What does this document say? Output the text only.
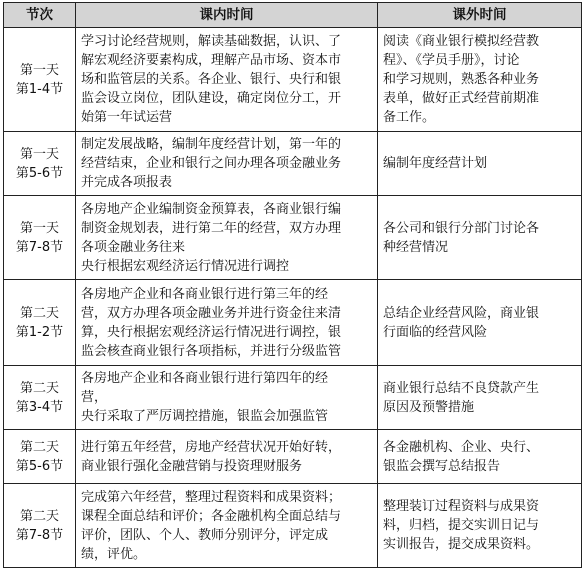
节次	课内时间	课外时间

第一天
第1-4节	学习讨论经营规则，解读基础数据，认识、了
解宏观经济要素构成，理解产品市场、资本市
场和监管层的关系。各企业、银行、央行和银
监会设立岗位，团队建设，确定岗位分工，开
始第一年试运营	阅读《商业银行模拟经营教
程》、《学员手册》，讨论
和学习规则，熟悉各种业务
表单，做好正式经营前期准
备工作。

第一天
第5-6节	制定发展战略，编制年度经营计划，第一年的
经营结束，企业和银行之间办理各项金融业务
并完成各项报表	编制年度经营计划

第一天
第7-8节	各房地产企业编制资金预算表，各商业银行编
制资金规划表，进行第二年的经营，双方办理
各项金融业务往来
央行根据宏观经济运行情况进行调控	各公司和银行分部门讨论各
种经营情况

第二天
第1-2节	各房地产企业和各商业银行进行第三年的经
营，双方办理各项金融业务并进行资金往来清
算，央行根据宏观经济运行情况进行调控，银
监会核查商业银行各项指标，并进行分级监管	总结企业经营风险，商业银
行面临的经营风险

第二天
第3-4节	各房地产企业和各商业银行进行第四年的经
营，
央行采取了严厉调控措施，银监会加强监管	商业银行总结不良贷款产生
原因及预警措施

第二天
第5-6节	进行第五年经营，房地产经营状况开始好转，
商业银行强化金融营销与投资理财服务	各金融机构、企业、央行、
银监会撰写总结报告

第二天
第7-8节	完成第六年经营，整理过程资料和成果资料；
课程全面总结和评价；各金融机构全面总结与
评价，团队、个人、教师分别评分，评定成
绩，评优。	整理装订过程资料与成果资
料，归档，提交实训日记与
实训报告，提交成果资料。
